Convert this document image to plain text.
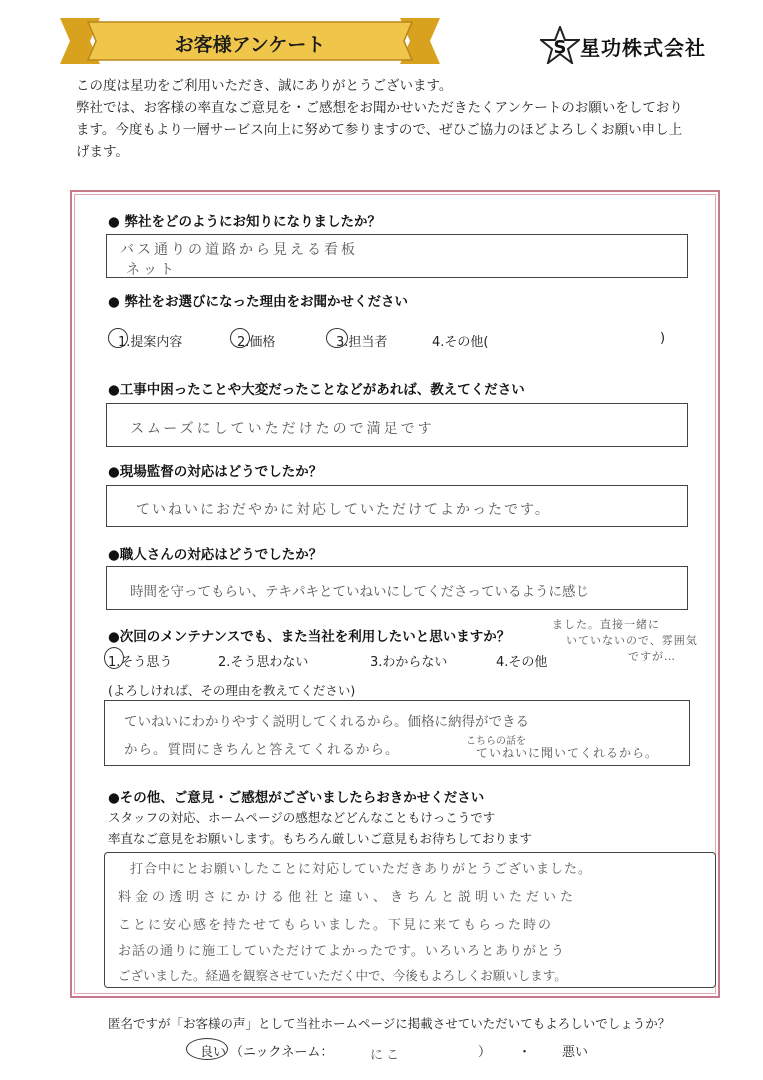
お客様アンケート	S 星功株式会社
この度は星功をご利用いただき、誠にありがとうございます。
弊社では、お客様の率直なご意見を・ご感想をお聞かせいただきたくアンケートのお願いをしており
ます。今度もより一層サービス向上に努めて参りますので、ぜひご協力のほどよろしくお願い申し上
げます。
● 弊社をどのようにお知りになりましたか？
バス通りの道路から見える看板
ネット
● 弊社をお選びになった理由をお聞かせください
1.提案内容	2.価格	3.担当者	4.その他(	)
●工事中困ったことや大変だったことなどがあれば、教えてください
スムーズにしていただけたので満足です
●現場監督の対応はどうでしたか？
ていねいにおだやかに対応していただけてよかったです。
●職人さんの対応はどうでしたか？
時間を守ってもらい、テキパキとていねいにしてくださっているように感じ
ました。直接一緒に
いていないので、雰囲気
ですが…
●次回のメンテナンスでも、また当社を利用したいと思いますか？
1.そう思う	2.そう思わない	3.わからない	4.その他
(よろしければ、その理由を教えてください)
ていねいにわかりやすく説明してくれるから。価格に納得ができる
から。質問にきちんと答えてくれるから。
こちらの話を
ていねいに聞いてくれるから。
●その他、ご意見・ご感想がございましたらおきかせください
スタッフの対応、ホームページの感想などどんなこともけっこうです
率直なご意見をお願いします。もちろん厳しいご意見もお待ちしております
打合中にとお願いしたことに対応していただきありがとうございました。
料金の透明さにかける他社と違い、きちんと説明いただいた
ことに安心感を持たせてもらいました。下見に来てもらった時の
お話の通りに施工していただけてよかったです。いろいろとありがとう
ございました。経過を観察させていただく中で、今後もよろしくお願いします。
匿名ですが「お客様の声」として当社ホームページに掲載させていただいてもよろしいでしょうか？
良い （ニックネーム：	にこ	） ・ 悪い
